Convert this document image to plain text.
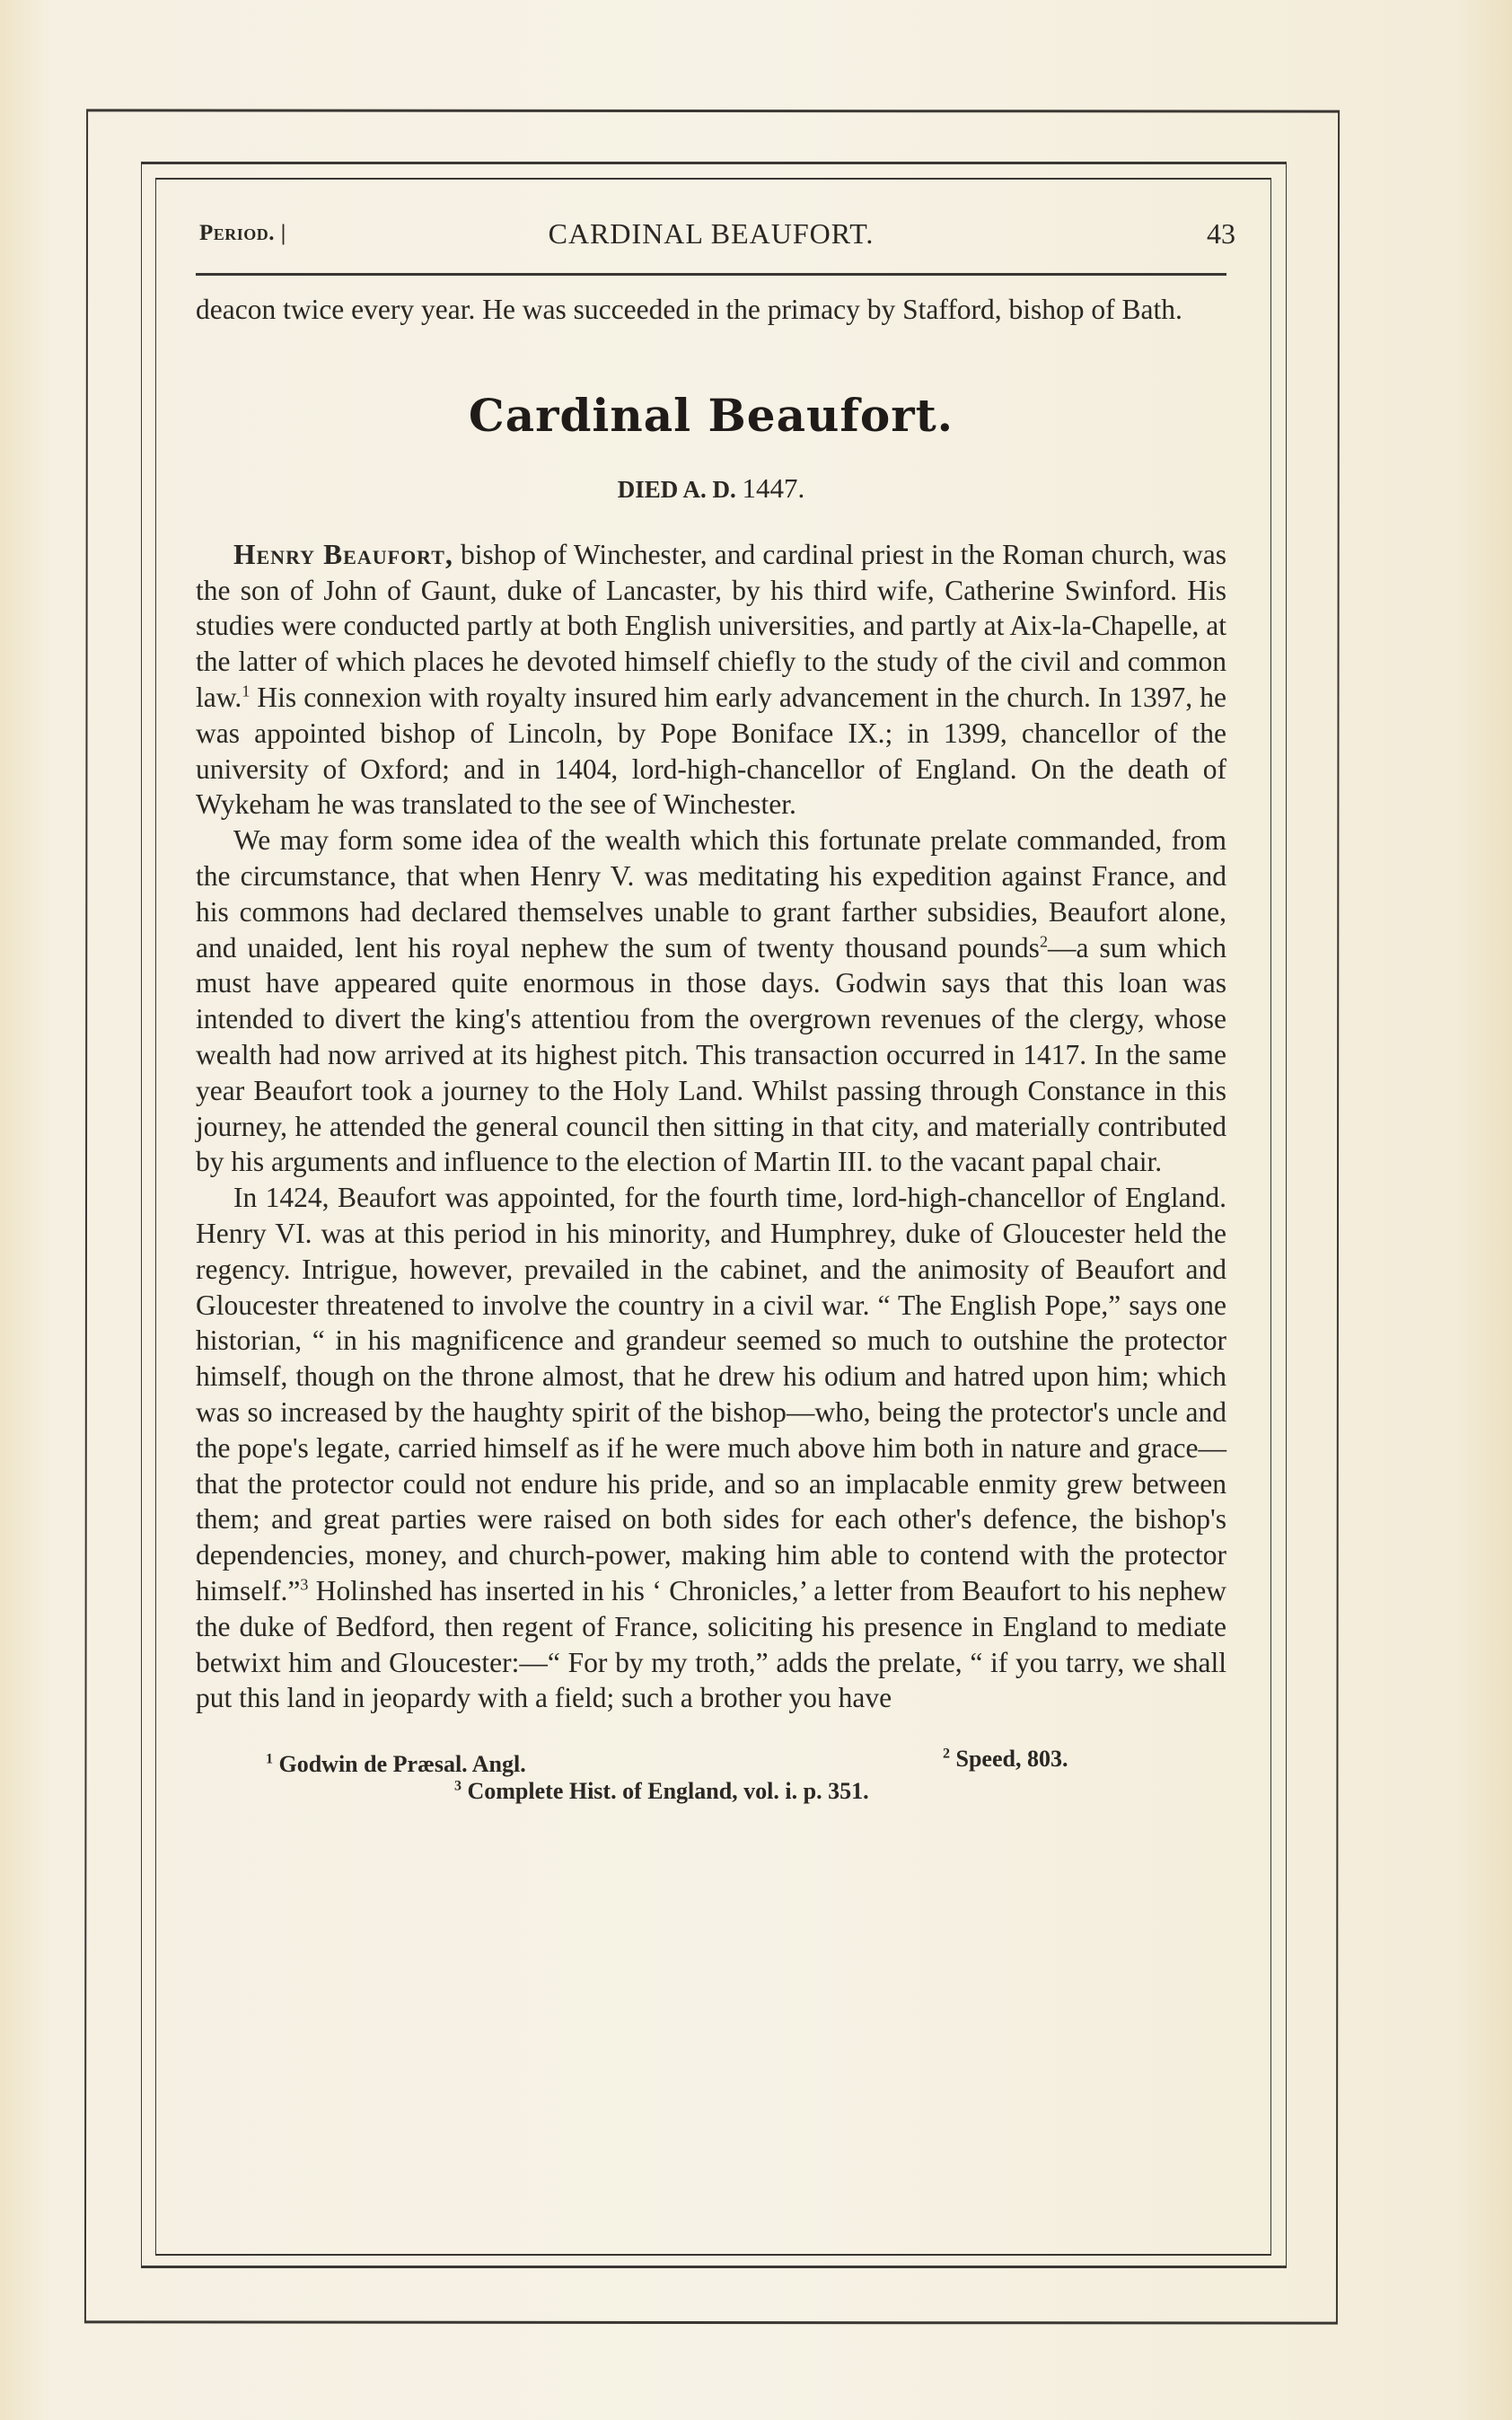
Period. |	CARDINAL BEAUFORT.	43

deacon twice every year. He was succeeded in the primacy by Stafford, bishop of Bath.

Cardinal Beaufort.
DIED A. D. 1447.

Henry Beaufort, bishop of Winchester, and cardinal priest in the Roman church, was the son of John of Gaunt, duke of Lancaster, by his third wife, Catherine Swinford. His studies were conducted partly at both English universities, and partly at Aix-la-Chapelle, at the latter of which places he devoted himself chiefly to the study of the civil and common law.$^1$ His connexion with royalty insured him early advancement in the church. In 1397, he was appointed bishop of Lincoln, by Pope Boniface IX.; in 1399, chancellor of the university of Oxford; and in 1404, lord-high-chancellor of England. On the death of Wykeham he was translated to the see of Winchester.

We may form some idea of the wealth which this fortunate prelate commanded, from the circumstance, that when Henry V. was meditating his expedition against France, and his commons had declared themselves unable to grant farther subsidies, Beaufort alone, and unaided, lent his royal nephew the sum of twenty thousand pounds$^2$—a sum which must have appeared quite enormous in those days. Godwin says that this loan was intended to divert the king's attentiou from the overgrown revenues of the clergy, whose wealth had now arrived at its highest pitch. This transaction occurred in 1417. In the same year Beaufort took a journey to the Holy Land. Whilst passing through Constance in this journey, he attended the general council then sitting in that city, and materially contributed by his arguments and influence to the election of Martin III. to the vacant papal chair.

In 1424, Beaufort was appointed, for the fourth time, lord-high-chancellor of England. Henry VI. was at this period in his minority, and Humphrey, duke of Gloucester held the regency. Intrigue, however, prevailed in the cabinet, and the animosity of Beaufort and Gloucester threatened to involve the country in a civil war. “ The English Pope,” says one historian, “ in his magnificence and grandeur seemed so much to outshine the protector himself, though on the throne almost, that he drew his odium and hatred upon him; which was so increased by the haughty spirit of the bishop—who, being the protector's uncle and the pope's legate, carried himself as if he were much above him both in nature and grace—that the protector could not endure his pride, and so an implacable enmity grew between them; and great parties were raised on both sides for each other's defence, the bishop's dependencies, money, and church-power, making him able to contend with the protector himself.”$^3$ Holinshed has inserted in his ‘ Chronicles,’ a letter from Beaufort to his nephew the duke of Bedford, then regent of France, soliciting his presence in England to mediate betwixt him and Gloucester:—“ For by my troth,” adds the prelate, “ if you tarry, we shall put this land in jeopardy with a field; such a brother you have

$^1$ Godwin de Præsal. Angl.	$^2$ Speed, 803.
$^3$ Complete Hist. of England, vol. i. p. 351.
